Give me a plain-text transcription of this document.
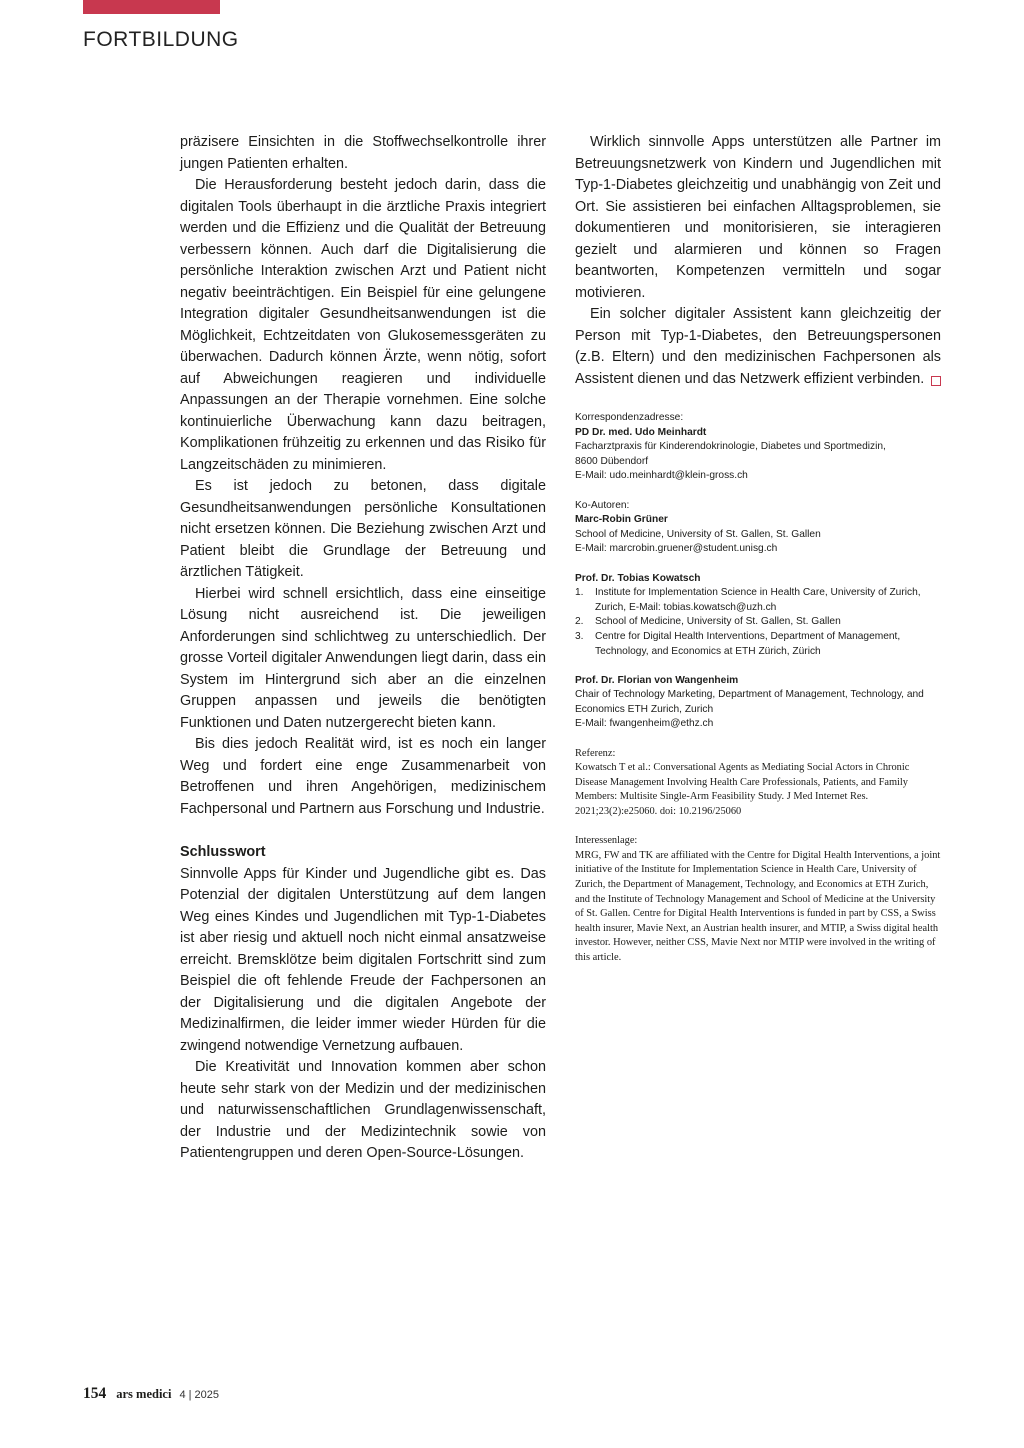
FORTBILDUNG

präzisere Einsichten in die Stoffwechselkontrolle ihrer jungen Patienten erhalten.

Die Herausforderung besteht jedoch darin, dass die digitalen Tools überhaupt in die ärztliche Praxis integriert werden und die Effizienz und die Qualität der Betreuung verbessern können. Auch darf die Digitalisierung die persönliche Interaktion zwischen Arzt und Patient nicht negativ beeinträchtigen. Ein Beispiel für eine gelungene Integration digitaler Gesundheitsanwendungen ist die Möglichkeit, Echtzeitdaten von Glukosemessgeräten zu überwachen. Dadurch können Ärzte, wenn nötig, sofort auf Abweichungen reagieren und individuelle Anpassungen an der Therapie vornehmen. Eine solche kontinuierliche Überwachung kann dazu beitragen, Komplikationen frühzeitig zu erkennen und das Risiko für Langzeitschäden zu minimieren.

Es ist jedoch zu betonen, dass digitale Gesundheitsanwendungen persönliche Konsultationen nicht ersetzen können. Die Beziehung zwischen Arzt und Patient bleibt die Grundlage der Betreuung und ärztlichen Tätigkeit.

Hierbei wird schnell ersichtlich, dass eine einseitige Lösung nicht ausreichend ist. Die jeweiligen Anforderungen sind schlichtweg zu unterschiedlich. Der grosse Vorteil digitaler Anwendungen liegt darin, dass ein System im Hintergrund sich aber an die einzelnen Gruppen anpassen und jeweils die benötigten Funktionen und Daten nutzergerecht bieten kann.

Bis dies jedoch Realität wird, ist es noch ein langer Weg und fordert eine enge Zusammenarbeit von Betroffenen und ihren Angehörigen, medizinischem Fachpersonal und Partnern aus Forschung und Industrie.

Schlusswort

Sinnvolle Apps für Kinder und Jugendliche gibt es. Das Potenzial der digitalen Unterstützung auf dem langen Weg eines Kindes und Jugendlichen mit Typ-1-Diabetes ist aber riesig und aktuell noch nicht einmal ansatzweise erreicht. Bremsklötze beim digitalen Fortschritt sind zum Beispiel die oft fehlende Freude der Fachpersonen an der Digitalisierung und die digitalen Angebote der Medizinalfirmen, die leider immer wieder Hürden für die zwingend notwendige Vernetzung aufbauen.

Die Kreativität und Innovation kommen aber schon heute sehr stark von der Medizin und der medizinischen und naturwissenschaftlichen Grundlagenwissenschaft, der Industrie und der Medizintechnik sowie von Patientengruppen und deren Open-Source-Lösungen.

Wirklich sinnvolle Apps unterstützen alle Partner im Betreuungsnetzwerk von Kindern und Jugendlichen mit Typ-1-Diabetes gleichzeitig und unabhängig von Zeit und Ort. Sie assistieren bei einfachen Alltagsproblemen, sie dokumentieren und monitorisieren, sie interagieren gezielt und alarmieren und können so Fragen beantworten, Kompetenzen vermitteln und sogar motivieren.

Ein solcher digitaler Assistent kann gleichzeitig der Person mit Typ-1-Diabetes, den Betreuungspersonen (z.B. Eltern) und den medizinischen Fachpersonen als Assistent dienen und das Netzwerk effizient verbinden.

Korrespondenzadresse:

PD Dr. med. Udo Meinhardt

Facharztpraxis für Kinderendokrinologie, Diabetes und Sportmedizin,

8600 Dübendorf

E-Mail: udo.meinhardt@klein-gross.ch

Ko-Autoren:

Marc-Robin Grüner

School of Medicine, University of St. Gallen, St. Gallen

E-Mail: marcrobin.gruener@student.unisg.ch

Prof. Dr. Tobias Kowatsch

1. Institute for Implementation Science in Health Care, University of Zurich, Zurich, E-Mail: tobias.kowatsch@uzh.ch
2. School of Medicine, University of St. Gallen, St. Gallen
3. Centre for Digital Health Interventions, Department of Management, Technology, and Economics at ETH Zürich, Zürich

Prof. Dr. Florian von Wangenheim

Chair of Technology Marketing, Department of Management, Technology, and Economics ETH Zurich, Zurich

E-Mail: fwangenheim@ethz.ch

Referenz:

Kowatsch T et al.: Conversational Agents as Mediating Social Actors in Chronic Disease Management Involving Health Care Professionals, Patients, and Family Members: Multisite Single-Arm Feasibility Study. J Med Internet Res. 2021;23(2):e25060. doi: 10.2196/25060

Interessenlage:

MRG, FW and TK are affiliated with the Centre for Digital Health Interventions, a joint initiative of the Institute for Implementation Science in Health Care, University of Zurich, the Department of Management, Technology, and Economics at ETH Zurich, and the Institute of Technology Management and School of Medicine at the University of St. Gallen. Centre for Digital Health Interventions is funded in part by CSS, a Swiss health insurer, Mavie Next, an Austrian health insurer, and MTIP, a Swiss digital health investor. However, neither CSS, Mavie Next nor MTIP were involved in the writing of this article.

154 ars medici 4 | 2025
